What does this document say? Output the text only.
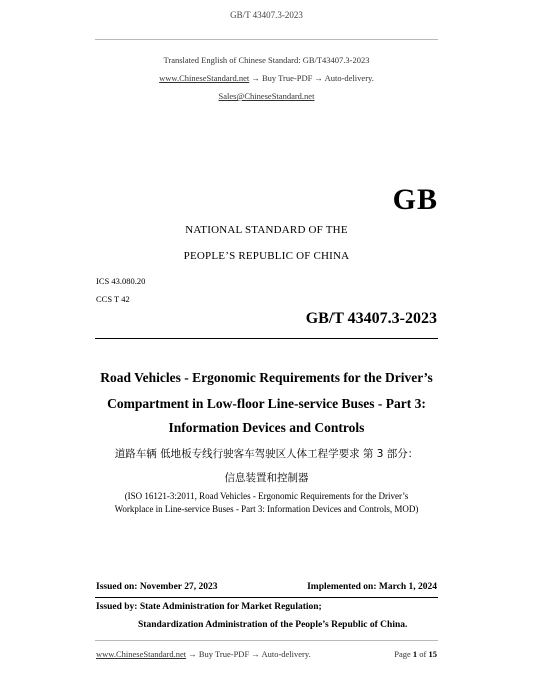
GB/T 43407.3-2023
Translated English of Chinese Standard: GB/T43407.3-2023
www.ChineseStandard.net → Buy True-PDF → Auto-delivery.
Sales@ChineseStandard.net
GB
NATIONAL STANDARD OF THE
PEOPLE’S REPUBLIC OF CHINA
ICS 43.080.20
CCS T 42
GB/T 43407.3-2023
Road Vehicles - Ergonomic Requirements for the Driver’s
Compartment in Low-floor Line-service Buses - Part 3:
Information Devices and Controls
道路车辆 低地板专线行驶客车驾驶区人体工程学要求 第 3 部分：
信息装置和控制器
(ISO 16121-3:2011, Road Vehicles - Ergonomic Requirements for the Driver’s
Workplace in Line-service Buses - Part 3: Information Devices and Controls, MOD)
Issued on: November 27, 2023	Implemented on: March 1, 2024
Issued by: State Administration for Market Regulation;
Standardization Administration of the People’s Republic of China.
www.ChineseStandard.net → Buy True-PDF → Auto-delivery.	Page 1 of 15
